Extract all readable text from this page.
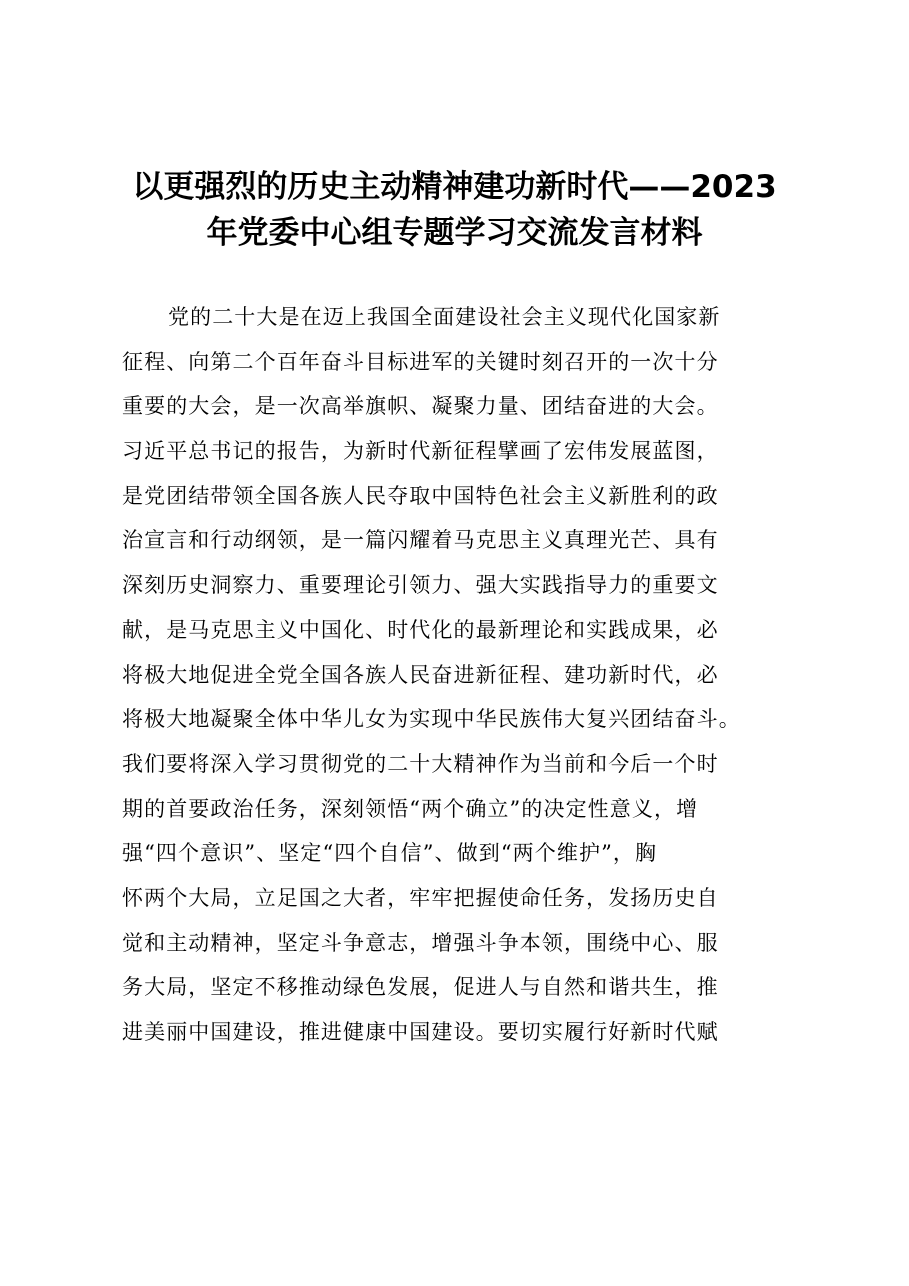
以更强烈的历史主动精神建功新时代——2023
年党委中心组专题学习交流发言材料
党的二十大是在迈上我国全面建设社会主义现代化国家新
征程、向第二个百年奋斗目标进军的关键时刻召开的一次十分
重要的大会，是一次高举旗帜、凝聚力量、团结奋进的大会。
习近平总书记的报告，为新时代新征程擘画了宏伟发展蓝图，
是党团结带领全国各族人民夺取中国特色社会主义新胜利的政
治宣言和行动纲领，是一篇闪耀着马克思主义真理光芒、具有
深刻历史洞察力、重要理论引领力、强大实践指导力的重要文
献，是马克思主义中国化、时代化的最新理论和实践成果，必
将极大地促进全党全国各族人民奋进新征程、建功新时代，必
将极大地凝聚全体中华儿女为实现中华民族伟大复兴团结奋斗。
我们要将深入学习贯彻党的二十大精神作为当前和今后一个时
期的首要政治任务，深刻领悟“两个确立”的决定性意义，增
强“四个意识”、坚定“四个自信”、做到“两个维护”，胸
怀两个大局，立足国之大者，牢牢把握使命任务，发扬历史自
觉和主动精神，坚定斗争意志，增强斗争本领，围绕中心、服
务大局，坚定不移推动绿色发展，促进人与自然和谐共生，推
进美丽中国建设，推进健康中国建设。要切实履行好新时代赋
